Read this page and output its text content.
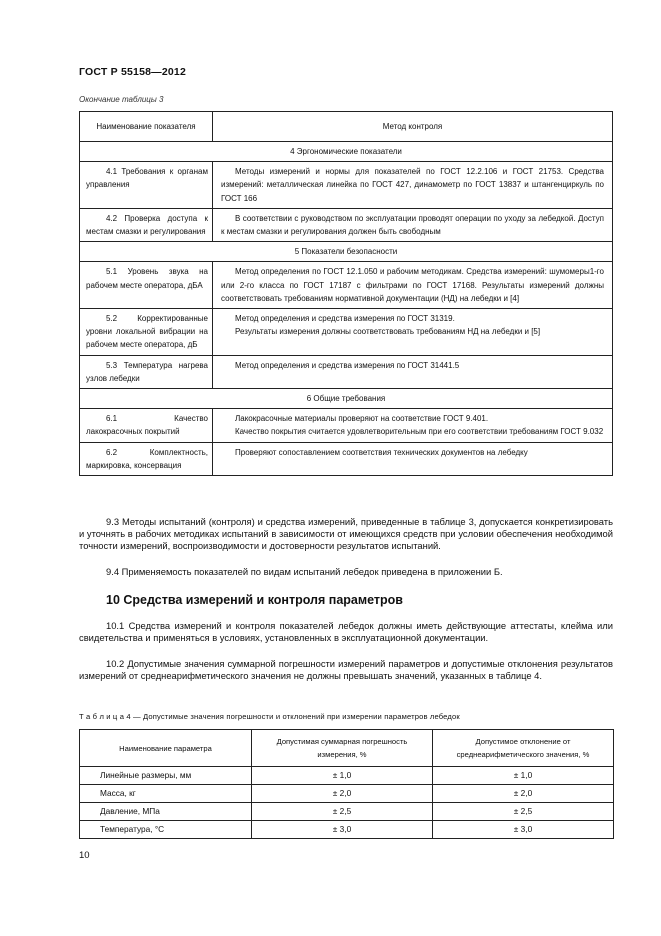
ГОСТ Р 55158—2012
Окончание таблицы 3
Наименование показателя	Метод контроля
4 Эргономические показатели	
4.1 Требования к органам управления	Методы измерений и нормы для показателей по ГОСТ 12.2.106 и ГОСТ 21753. Средства измерений: металлическая линейка по ГОСТ 427, динамометр по ГОСТ 13837 и штангенциркуль по ГОСТ 166

4.2 Проверка доступа к местам смазки и регулирования	В соответствии с руководством по эксплуатации проводят операции по уходу за лебедкой. Доступ к местам смазки и регулирования должен быть свободным

5 Показатели безопасности	
5.1 Уровень звука на рабочем месте оператора, дБА	Метод определения по ГОСТ 12.1.050 и рабочим методикам. Средства измерений: шумомеры1-го или 2-го класса по ГОСТ 17187 с фильтрами по ГОСТ 17168. Результаты измерений должны соответствовать требованиям нормативной документации (НД) на лебедки и [4]

5.2 Корректированные уровни локальной вибрации на рабочем месте оператора, дБ	Метод определения и средства измерения по ГОСТ 31319.

Результаты измерения должны соответствовать требованиям НД на лебедки и [5]

5.3 Температура нагрева узлов лебедки	Метод определения и средства измерения по ГОСТ 31441.5

6 Общие требования	
6.1 Качество лакокрасочных покрытий	Лакокрасочные материалы проверяют на соответствие ГОСТ 9.401.

Качество покрытия считается удовлетворительным при его соответствии требованиям ГОСТ 9.032

6.2 Комплектность, маркировка, консервация	Проверяют сопоставлением соответствия технических документов на лебедку

9.3 Методы испытаний (контроля) и средства измерений, приведенные в таблице 3, допускается конкретизировать и уточнять в рабочих методиках испытаний в зависимости от имеющихся средств при условии обеспечения необходимой точности измерений, воспроизводимости и достоверности результатов испытаний.
9.4 Применяемость показателей по видам испытаний лебедок приведена в приложении Б.
10 Средства измерений и контроля параметров
10.1 Средства измерений и контроля показателей лебедок должны иметь действующие аттестаты, клейма или свидетельства и применяться в условиях, установленных в эксплуатационной документации.
10.2 Допустимые значения суммарной погрешности измерений параметров и допустимые отклонения результатов измерений от среднеарифметического значения не должны превышать значений, указанных в таблице 4.
Т а б л и ц а 4 — Допустимые значения погрешности и отклонений при измерении параметров лебедок
Наименование параметра	Допустимая суммарная погрешность измерения, %	Допустимое отклонение от среднеарифметического значения, %
Линейные размеры, мм	± 1,0	± 1,0
Масса, кг	± 2,0	± 2,0
Давление, МПа	± 2,5	± 2,5
Температура, °С	± 3,0	± 3,0
10
